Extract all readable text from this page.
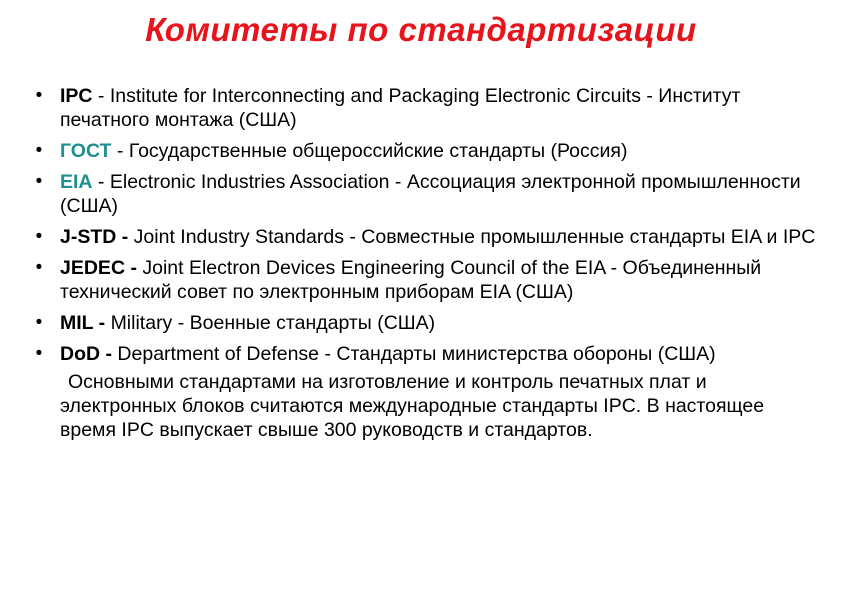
Комитеты по стандартизации
• IPC - Institute for Interconnecting and Packaging Electronic Circuits - Институт печатного монтажа (США)
• ГОСТ - Государственные общероссийские стандарты (Россия)
• EIA - Electronic Industries Association - Ассоциация электронной промышленности (США)
• J-STD - Joint Industry Standards - Совместные промышленные стандарты EIA и IPC
• JEDEC - Joint Electron Devices Engineering Council of the EIA - Объединенный технический совет по электронным приборам EIA (США)
• MIL - Military - Военные стандарты (США)
• DoD - Department of Defense - Стандарты министерства обороны (США)
Основными стандартами на изготовление и контроль печатных плат и электронных блоков считаются международные стандарты IPC. В настоящее время IPC выпускает свыше 300 руководств и стандартов.
